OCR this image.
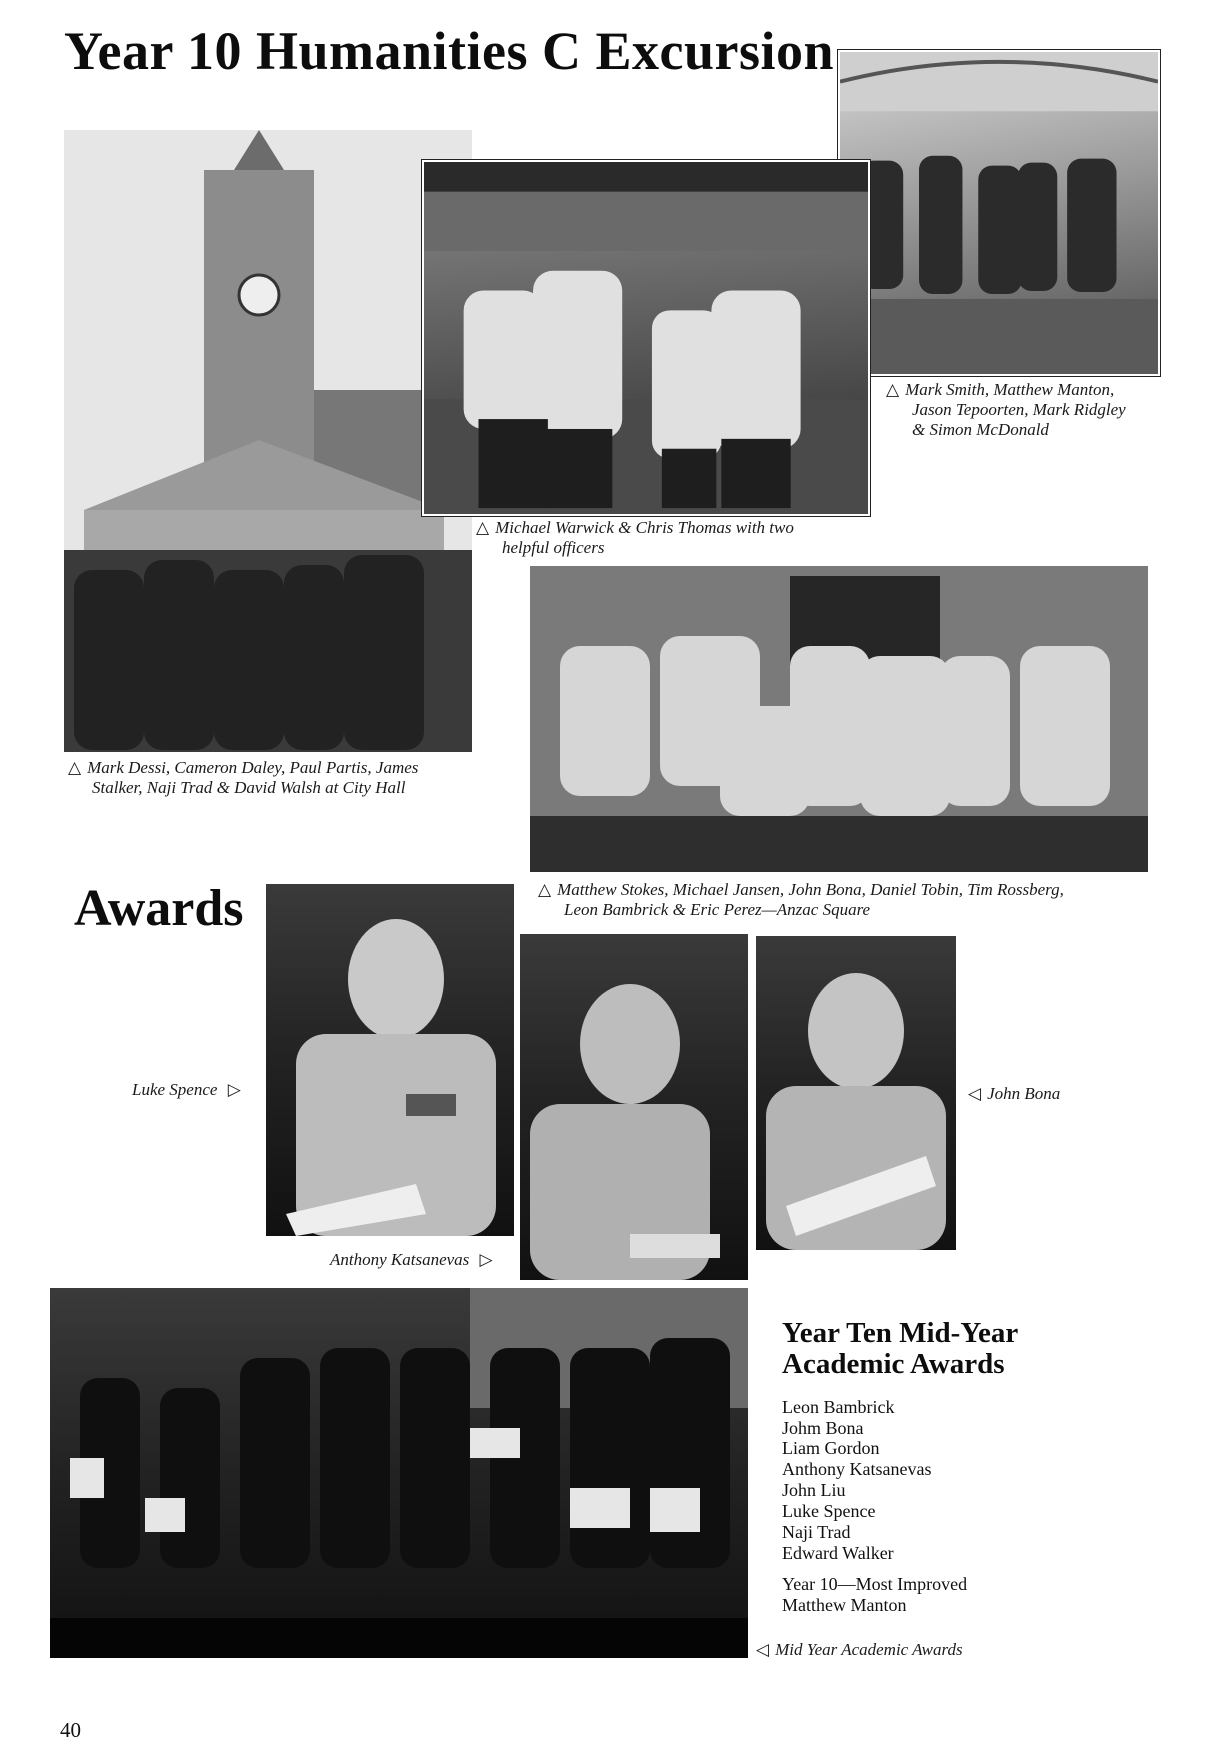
Year 10 Humanities C Excursion
△ Mark Smith, Matthew Manton,
Jason Tepoorten, Mark Ridgley
& Simon McDonald
△ Mark Dessi, Cameron Daley, Paul Partis, James
Stalker, Naji Trad & David Walsh at City Hall
△ Michael Warwick & Chris Thomas with two
helpful officers
△ Matthew Stokes, Michael Jansen, John Bona, Daniel Tobin, Tim Rossberg,
Leon Bambrick & Eric Perez—Anzac Square
Awards
Luke Spence ▷
Anthony Katsanevas ▷
◁ John Bona
◁ Mid Year Academic Awards
Year Ten Mid-Year
Academic Awards
Leon Bambrick
Johm Bona
Liam Gordon
Anthony Katsanevas
John Liu
Luke Spence
Naji Trad
Edward Walker
Year 10—Most Improved
Matthew Manton
40
